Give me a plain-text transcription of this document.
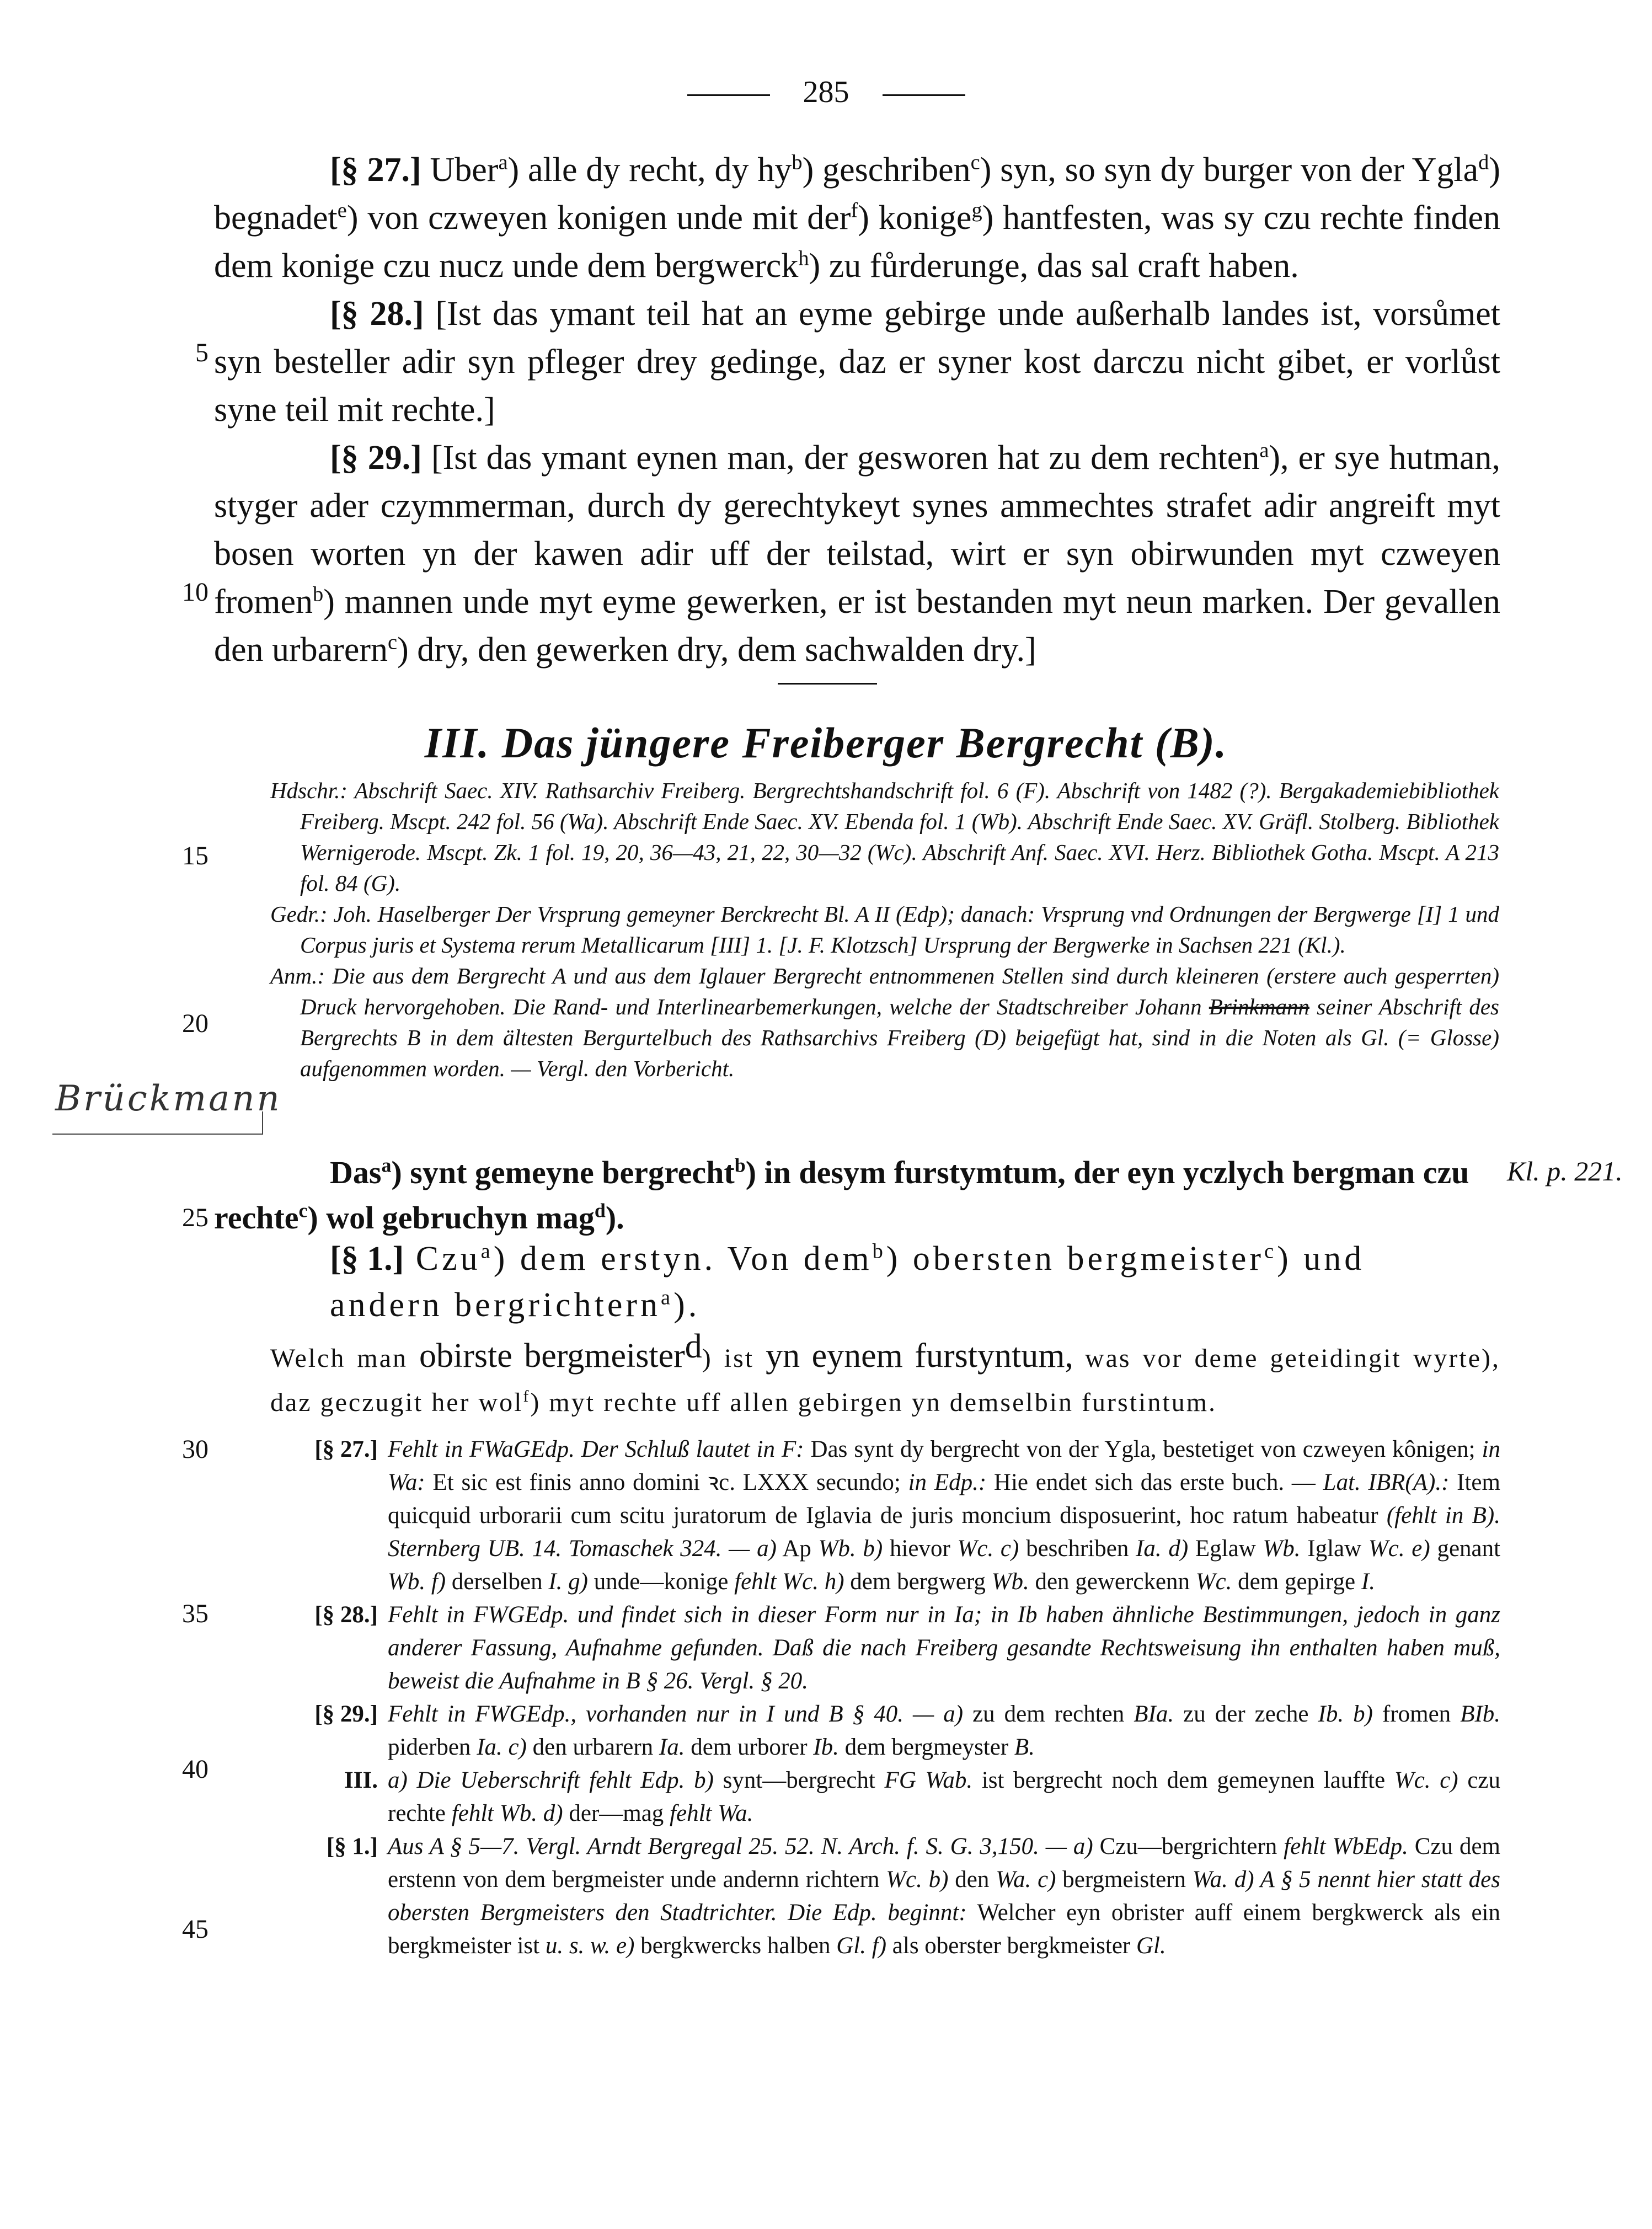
285
5
10
15
20
25
30
35
40
45

[§ 27.] Uber$^a$) alle dy recht, dy $hy^b$) geschriben$^c$) syn, so syn dy burger von der Ygla$^d$) begnadet$^e$) von czweyen konigen unde mit der$^f$) konige$^g$) hantfesten, was sy czu rechte finden dem konige czu nucz unde dem bergwerck$^h$) zu fůrderunge, das sal craft haben.

[§ 28.] [Ist das ymant teil hat an eyme gebirge unde außerhalb landes ist, vorsůmet syn besteller adir syn pfleger drey gedinge, daz er syner kost darczu nicht gibet, er vorlůst syne teil mit rechte.]

[§ 29.] [Ist das ymant eynen man, der gesworen hat zu dem rechten$^a$), er sye hutman, styger ader czymmerman, durch dy gerechtykeyt synes ammechtes strafet adir angreift myt bosen worten yn der kawen adir uff der teilstad, wirt er syn obirwunden myt czweyen fromen$^b$) mannen unde myt eyme gewerken, er ist bestanden myt neun marken. Der gevallen den urbarern$^c$) dry, den gewerken dry, dem sachwalden dry.]

III. Das jüngere Freiberger Bergrecht (B).
Brückmann

Hdschr.: Abschrift Saec. XIV. Rathsarchiv Freiberg. Bergrechtshandschrift fol. 6 (F). Abschrift von 1482 (?). Bergakademiebibliothek Freiberg. Mscpt. 242 fol. 56 (Wa). Abschrift Ende Saec. XV. Ebenda fol. 1 (Wb). Abschrift Ende Saec. XV. Gräfl. Stolberg. Bibliothek Wernigerode. Mscpt. Zk. 1 fol. 19, 20, 36—43, 21, 22, 30—32 (Wc). Abschrift Anf. Saec. XVI. Herz. Bibliothek Gotha. Mscpt. A 213 fol. 84 (G).

Gedr.: Joh. Haselberger Der Vrsprung gemeyner Berckrecht Bl. A II (Edp); danach: Vrsprung vnd Ordnungen der Bergwerge [I] 1 und Corpus juris et Systema rerum Metallicarum [III] 1. [J. F. Klotzsch] Ursprung der Bergwerke in Sachsen 221 (Kl.).

Anm.: Die aus dem Bergrecht A und aus dem Iglauer Bergrecht entnommenen Stellen sind durch kleineren (erstere auch gesperrten) Druck hervorgehoben. Die Rand- und Interlinearbemerkungen, welche der Stadtschreiber Johann Brinkmann seiner Abschrift des Bergrechts B in dem ältesten Bergurtelbuch des Rathsarchivs Freiberg (D) beigefügt hat, sind in die Noten als Gl. (= Glosse) aufgenommen worden. — Vergl. den Vorbericht.

Das$^a$) synt gemeyne bergrecht$^b$) in desym furstymtum, der eyn yczlych bergman czu rechte$^c$) wol gebruchyn mag$^d$).

Kl. p. 221.
[§ 1.] Czu$^a$) dem erstyn. Von dem$^b$) obersten bergmeister$^c$) und andern bergrichtern$^a$).
Welch man obirste bergmeister$^d$) ist yn eynem furstyntum, was vor deme geteidingit wyrte), daz geczugit her wol$^f$) myt rechte uff allen gebirgen yn demselbin furstintum.
[§ 27.] Fehlt in FWaGEdp. Der Schluß lautet in F: Das synt dy bergrecht von der Ygla, bestetiget von czweyen kônigen; in Wa: Et sic est finis anno domini ꝛc. LXXX secundo; in Edp.: Hie endet sich das erste buch. — Lat. IBR(A).: Item quicquid urborarii cum scitu juratorum de Iglavia de juris moncium disposuerint, hoc ratum habeatur (fehlt in B). Sternberg UB. 14. Tomaschek 324. — a) Ap Wb. b) hievor Wc. c) beschriben Ia. d) Eglaw Wb. Iglaw Wc. e) genant Wb. f) derselben I. g) unde—konige fehlt Wc. h) dem bergwerg Wb. den gewerckenn Wc. dem gepirge I.
[§ 28.] Fehlt in FWGEdp. und findet sich in dieser Form nur in Ia; in Ib haben ähnliche Bestimmungen, jedoch in ganz anderer Fassung, Aufnahme gefunden. Daß die nach Freiberg gesandte Rechtsweisung ihn enthalten haben muß, beweist die Aufnahme in B § 26. Vergl. § 20.
[§ 29.] Fehlt in FWGEdp., vorhanden nur in I und B § 40. — a) zu dem rechten BIa. zu der zeche Ib. b) fromen BIb. piderben Ia. c) den urbarern Ia. dem urborer Ib. dem bergmeyster B.
III. a) Die Ueberschrift fehlt Edp. b) synt—bergrecht FG Wab. ist bergrecht noch dem gemeynen lauffte Wc. c) czu rechte fehlt Wb. d) der—mag fehlt Wa.
[§ 1.] Aus A § 5—7. Vergl. Arndt Bergregal 25. 52. N. Arch. f. S. G. 3,150. — a) Czu—bergrichtern fehlt WbEdp. Czu dem erstenn von dem bergmeister unde andernn richtern Wc. b) den Wa. c) bergmeistern Wa. d) A § 5 nennt hier statt des obersten Bergmeisters den Stadtrichter. Die Edp. beginnt: Welcher eyn obrister auff einem bergkwerck als ein bergkmeister ist u. s. w. e) bergkwercks halben Gl. f) als oberster bergkmeister Gl.
